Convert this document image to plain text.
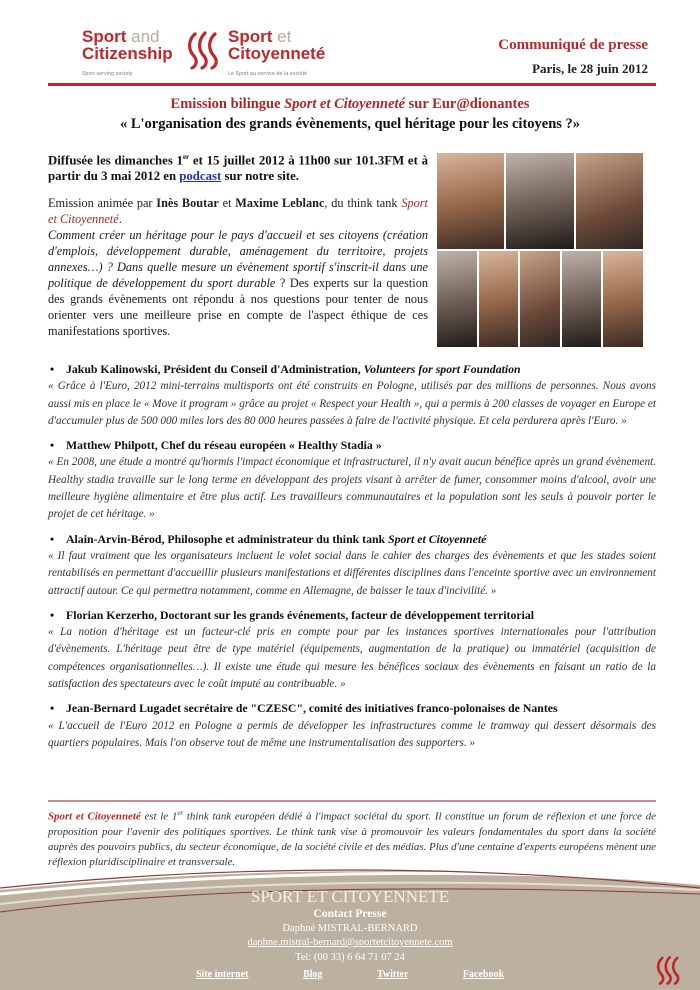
Sport and
Citizenship
Sport serving society
Sport et
Citoyenneté
Le Sport au service de la société
Communiqué de presse
Paris, le 28 juin 2012
Emission bilingue Sport et Citoyenneté sur Eur@dionantes
« L'organisation des grands évènements, quel héritage pour les citoyens ?»

Diffusée les dimanches 1er et 15 juillet 2012 à 11h00 sur 101.3FM et à partir du 3 mai 2012 en podcast sur notre site.

Emission animée par Inès Boutar et Maxime Leblanc, du think tank Sport et Citoyenneté.
Comment créer un héritage pour le pays d'accueil et ses citoyens (création d'emplois, développement durable, aménagement du territoire, projets annexes…) ? Dans quelle mesure un évènement sportif s'inscrit-il dans une politique de développement du sport durable ? Des experts sur la question des grands évènements ont répondu à nos questions pour tenter de nous orienter vers une meilleure prise en compte de l'aspect éthique de ces manifestations sportives.

• Jakub Kalinowski, Président du Conseil d'Administration, Volunteers for sport Foundation
« Grâce à l'Euro, 2012 mini-terrains multisports ont été construits en Pologne, utilisés par des millions de personnes. Nous avons aussi mis en place le « Move it program » grâce au projet « Respect your Health », qui a permis à 200 classes de voyager en Europe et d'accumuler plus de 500 000 miles lors des 80 000 heures passées à faire de l'activité physique. Et cela perdurera après l'Euro. »
• Matthew Philpott, Chef du réseau européen « Healthy Stadia »
« En 2008, une étude a montré qu'hormis l'impact économique et infrastructurel, il n'y avait aucun bénéfice après un grand évènement. Healthy stadia travaille sur le long terme en développant des projets visant à arrêter de fumer, consommer moins d'alcool, avoir une meilleure hygiène alimentaire et être plus actif. Les travailleurs communautaires et la population sont les seuls à pouvoir porter le projet de cet héritage. »
• Alain-Arvin-Bérod, Philosophe et administrateur du think tank Sport et Citoyenneté
« Il faut vraiment que les organisateurs incluent le volet social dans le cahier des charges des évènements et que les stades soient rentabilisés en permettant d'accueillir plusieurs manifestations et différentes disciplines dans l'enceinte sportive avec un environnement attractif autour. Ce qui permettra notamment, comme en Allemagne, de baisser le taux d'incivilité. »
• Florian Kerzerho, Doctorant sur les grands événements, facteur de développement territorial
« La notion d'héritage est un facteur-clé pris en compte pour par les instances sportives internationales pour l'attribution d'évènements. L'héritage peut être de type matériel (équipements, augmentation de la pratique) ou immatériel (acquisition de compétences organisationnelles…). Il existe une étude qui mesure les bénéfices sociaux des évènements en faisant un ratio de la satisfaction des spectateurs avec le coût imputé au contribuable. »
• Jean-Bernard Lugadet secrétaire de "CZESC", comité des initiatives franco-polonaises de Nantes
« L'accueil de l'Euro 2012 en Pologne a permis de développer les infrastructures comme le tramway qui dessert désormais des quartiers populaires. Mais l'on observe tout de même une instrumentalisation des supporters. »
Sport et Citoyenneté est le 1er think tank européen dédié à l'impact sociétal du sport. Il constitue un forum de réflexion et une force de proposition pour l'avenir des politiques sportives. Le think tank vise à promouvoir les valeurs fondamentales du sport dans la société auprès des pouvoirs publics, du secteur économique, de la société civile et des médias. Plus d'une centaine d'experts européens mènent une réflexion pluridisciplinaire et transversale.
SPORT ET CITOYENNETE
Contact Presse
Daphné MISTRAL-BERNARD
daphne.mistral-bernard@sportetcitoyennete.com
Tel: (00 33) 6 64 71 07 24
Site internet	Blog	Twitter	Facebook
